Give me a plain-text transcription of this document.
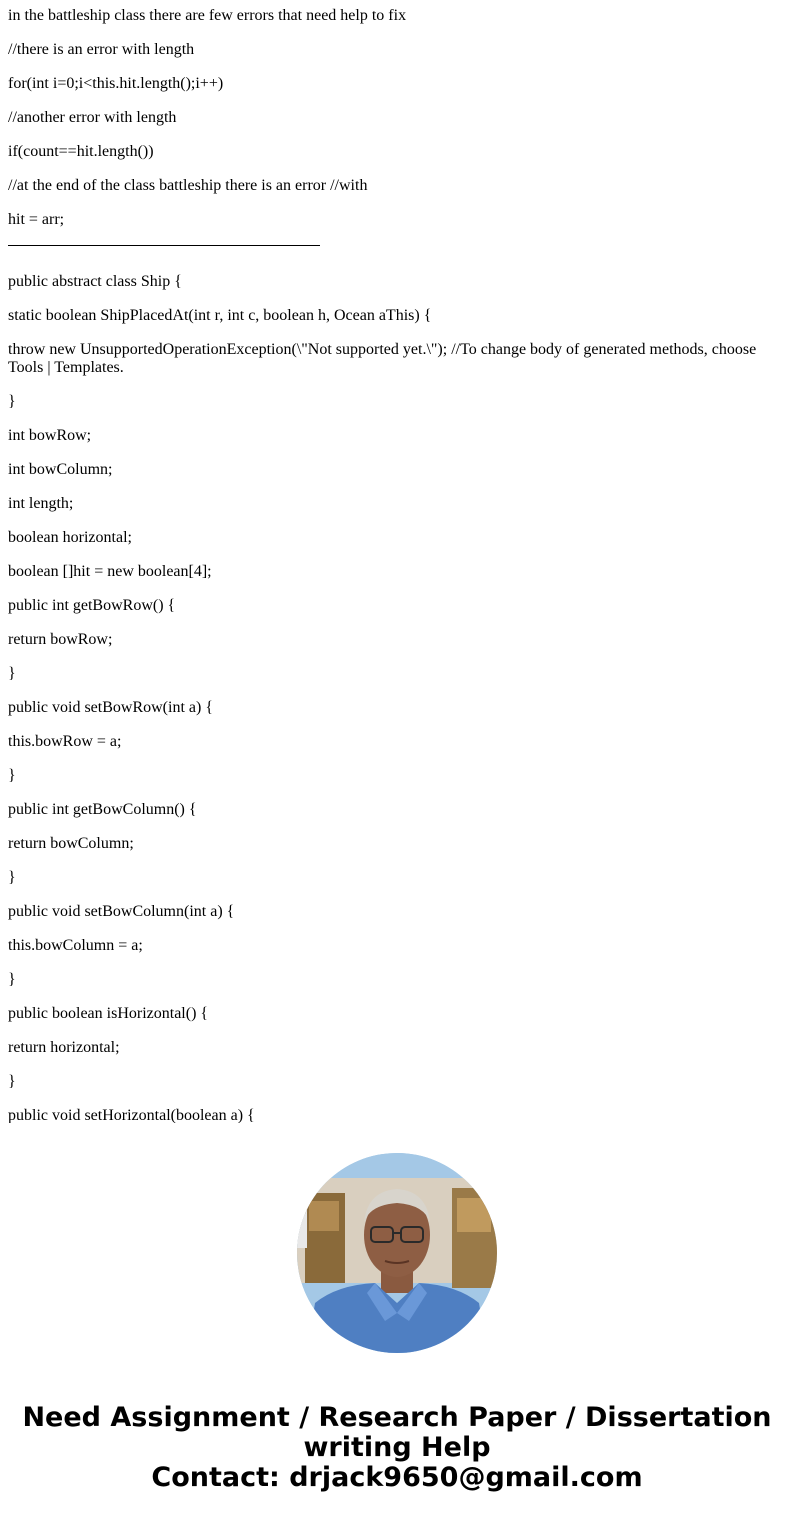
in the battleship class there are few errors that need help to fix

//there is an error with length

for(int i=0;i<this.hit.length();i++)

//another error with length

if(count==hit.length())

//at the end of the class battleship there is an error //with

hit = arr;

public abstract class Ship {

static boolean ShipPlacedAt(int r, int c, boolean h, Ocean aThis) {

throw new UnsupportedOperationException(\"Not supported yet.\"); //To change body of generated methods, choose Tools | Templates.

}

int bowRow;

int bowColumn;

int length;

boolean horizontal;

boolean []hit = new boolean[4];

public int getBowRow() {

return bowRow;

}

public void setBowRow(int a) {

this.bowRow = a;

}

public int getBowColumn() {

return bowColumn;

}

public void setBowColumn(int a) {

this.bowColumn = a;

}

public boolean isHorizontal() {

return horizontal;

}

public void setHorizontal(boolean a) {

Need Assignment / Research Paper / Dissertation
writing Help
Contact: drjack9650@gmail.com
